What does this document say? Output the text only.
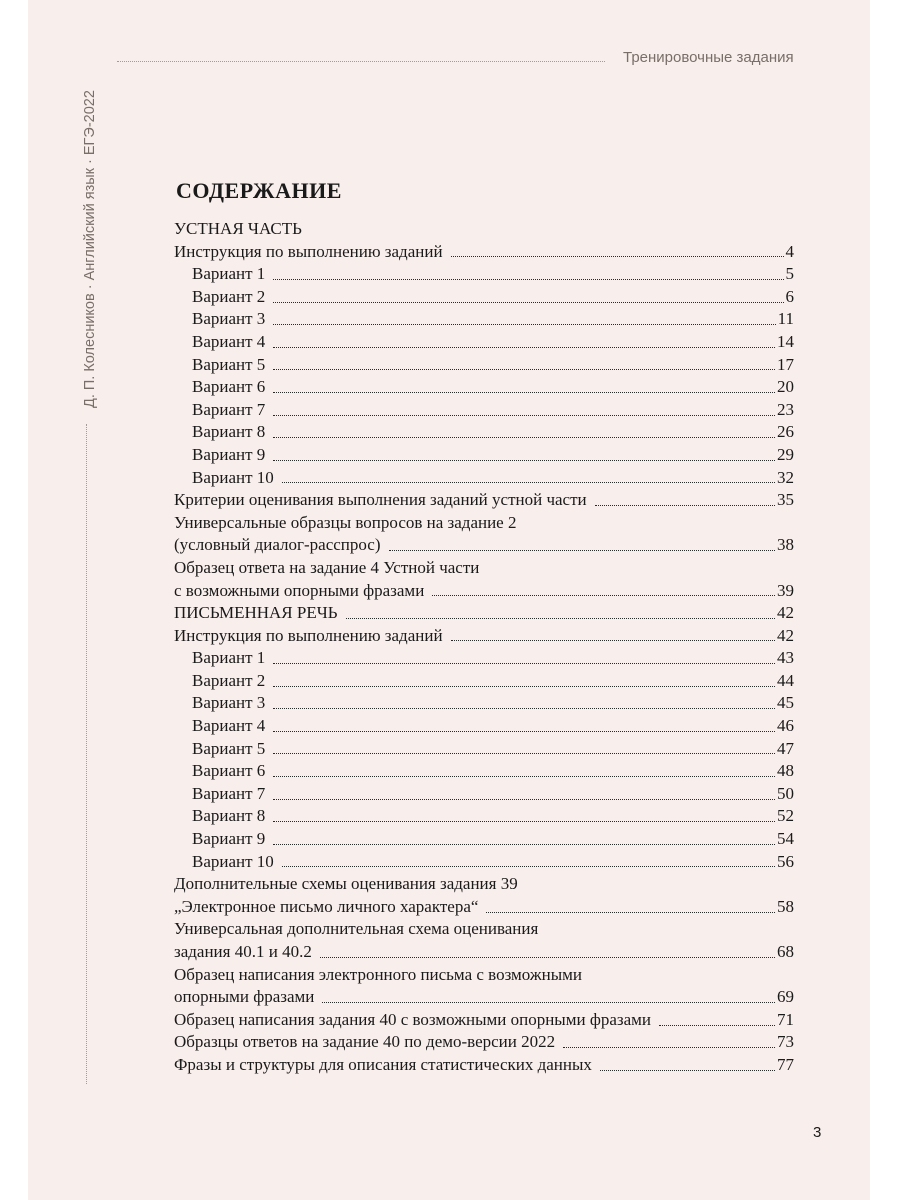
Тренировочные задания
Д. П. Колесников · Английский язык · ЕГЭ-2022	СОДЕРЖАНИЕ
УСТНАЯ ЧАСТЬ
Инструкция по выполнению заданий	4
Вариант 1	5
Вариант 2	6
Вариант 3	11
Вариант 4	14
Вариант 5	17
Вариант 6	20
Вариант 7	23
Вариант 8	26
Вариант 9	29
Вариант 10	32
Критерии оценивания выполнения заданий устной части	35
Универсальные образцы вопросов на задание 2
(условный диалог-расспрос)	38
Образец ответа на задание 4 Устной части
с возможными опорными фразами	39
ПИСЬМЕННАЯ РЕЧЬ	42
Инструкция по выполнению заданий	42
Вариант 1	43
Вариант 2	44
Вариант 3	45
Вариант 4	46
Вариант 5	47
Вариант 6	48
Вариант 7	50
Вариант 8	52
Вариант 9	54
Вариант 10	56
Дополнительные схемы оценивания задания 39
„Электронное письмо личного характера“	58
Универсальная дополнительная схема оценивания
задания 40.1 и 40.2	68
Образец написания электронного письма с возможными
опорными фразами	69
Образец написания задания 40 с возможными опорными фразами	71
Образцы ответов на задание 40 по демо-версии 2022	73
Фразы и структуры для описания статистических данных	77
3
